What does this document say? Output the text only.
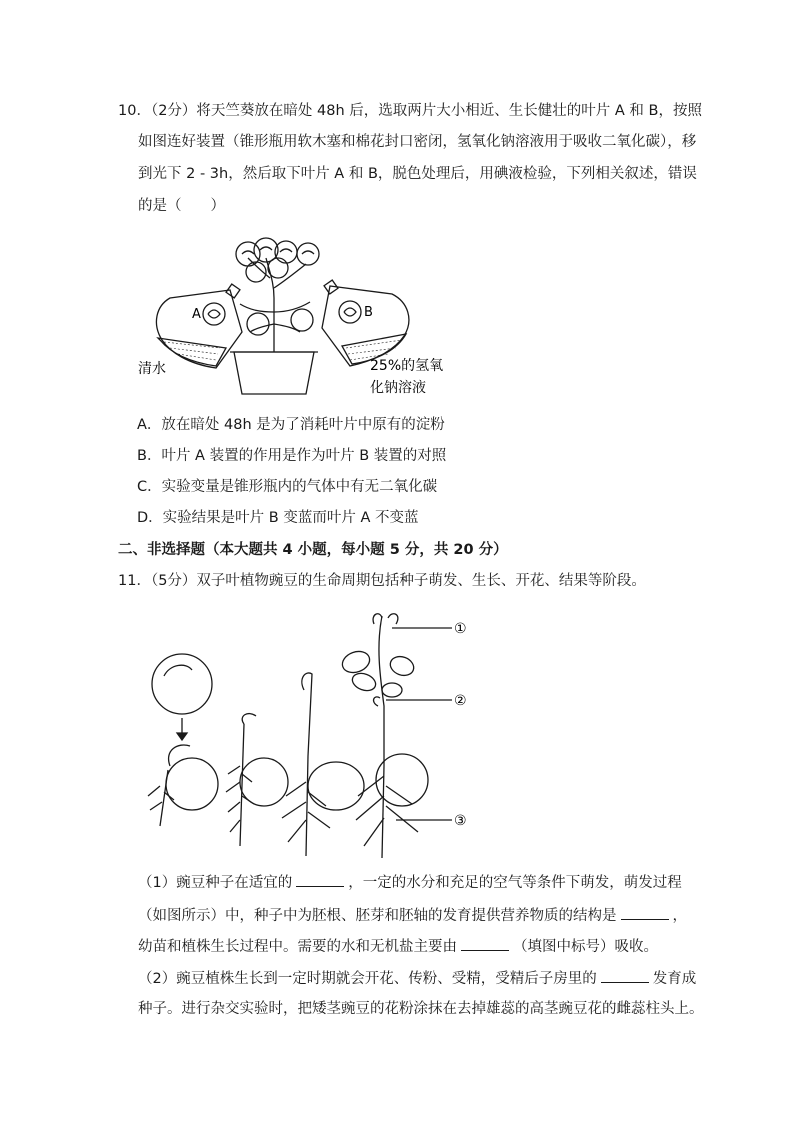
10．（2分）将天竺葵放在暗处 48h 后，选取两片大小相近、生长健壮的叶片 A 和 B，按照
如图连好装置（锥形瓶用软木塞和棉花封口密闭，氢氧化钠溶液用于吸收二氧化碳），移
到光下 2 - 3h，然后取下叶片 A 和 B，脱色处理后，用碘液检验，下列相关叙述，错误
的是（　　）
A	B
清水	25%的氢氧
化钠溶液
A．放在暗处 48h 是为了消耗叶片中原有的淀粉
B．叶片 A 装置的作用是作为叶片 B 装置的对照
C．实验变量是锥形瓶内的气体中有无二氧化碳
D．实验结果是叶片 B 变蓝而叶片 A 不变蓝
二、非选择题（本大题共 4 小题，每小题 5 分，共 20 分）
11．（5分）双子叶植物豌豆的生命周期包括种子萌发、生长、开花、结果等阶段。
①
②
③
（1）豌豆种子在适宜的	，一定的水分和充足的空气等条件下萌发，萌发过程
（如图所示）中，种子中为胚根、胚芽和胚轴的发育提供营养物质的结构是	，
幼苗和植株生长过程中。需要的水和无机盐主要由	（填图中标号）吸收。
（2）豌豆植株生长到一定时期就会开花、传粉、受精，受精后子房里的	发育成
种子。进行杂交实验时，把矮茎豌豆的花粉涂抹在去掉雄蕊的高茎豌豆花的雌蕊柱头上。
